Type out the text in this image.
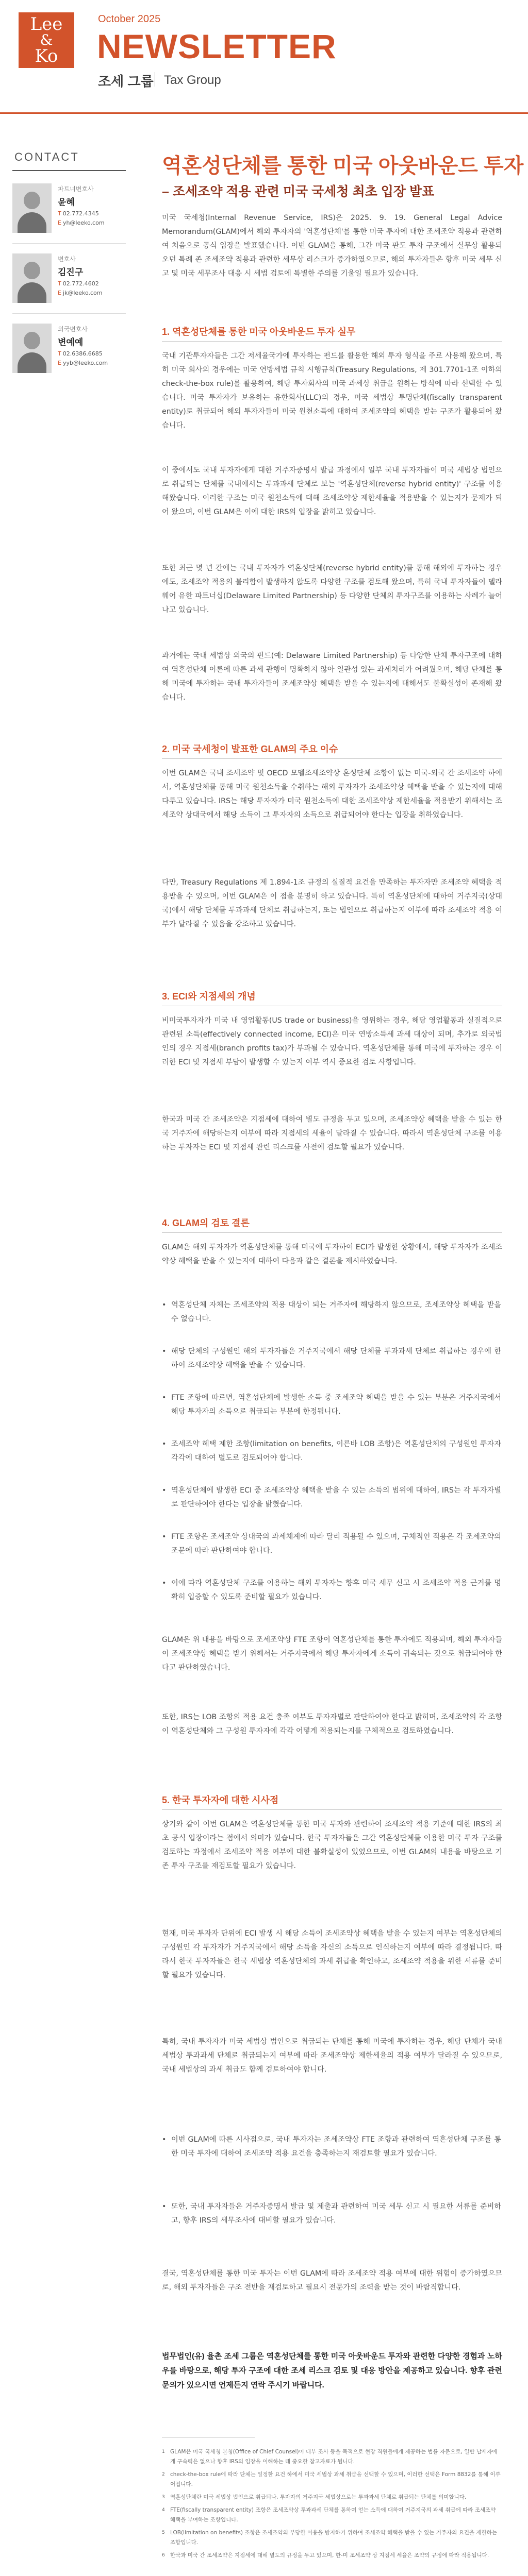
Lee
&
Ko
October 2025
NEWSLETTER
조세 그룹 Tax Group
CONTACT
파트너변호사
윤혜
T 02.772.4345
E yh@leeko.com
변호사
김진구
T 02.772.4602
E jk@leeko.com
외국변호사
변예예
T 02.6386.6685
E yyb@leeko.com
역혼성단체를 통한 미국 아웃바운드 투자
– 조세조약 적용 관련 미국 국세청 최초 입장 발표
미국 국세청(Internal Revenue Service, IRS)은 2025. 9. 19. General Legal Advice Memorandum(GLAM)에서 해외 투자자의 '역혼성단체'를 통한 미국 투자에 대한 조세조약 적용과 관련하여 처음으로 공식 입장을 발표했습니다. 이번 GLAM을 통해, 그간 미국 판도 투자 구조에서 실무상 활용되오던 특례 존 조세조약 적용과 관련한 세무상 리스크가 증가하였으므로, 해외 투자자들은 향후 미국 세무 신고 및 미국 세무조사 대응 시 세법 검토에 특별한 주의를 기울일 필요가 있습니다.
1. 역혼성단체를 통한 미국 아웃바운드 투자 실무
국내 기관투자자들은 그간 저세율국가에 투자하는 펀드를 활용한 해외 투자 형식을 주로 사용해 왔으며, 특히 미국 회사의 경우에는 미국 연방세법 규칙 시행규칙(Treasury Regulations, 제 301.7701-1조 이하의 check-the-box rule)를 활용하여, 해당 투자회사의 미국 과세상 취급을 원하는 방식에 따라 선택할 수 있습니다. 미국 투자자가 보유하는 유한회사(LLC)의 경우, 미국 세법상 투명단체(fiscally transparent entity)로 취급되어 해외 투자자들이 미국 원천소득에 대하여 조세조약의 혜택을 받는 구조가 활용되어 왔습니다.
이 중에서도 국내 투자자에게 대한 거주자증명서 발급 과정에서 일부 국내 투자자들이 미국 세법상 법인으로 취급되는 단체를 국내에서는 투과과세 단체로 보는 '역혼성단체(reverse hybrid entity)' 구조를 이용해왔습니다. 이러한 구조는 미국 원천소득에 대해 조세조약상 제한세율을 적용받을 수 있는지가 문제가 되어 왔으며, 이번 GLAM은 이에 대한 IRS의 입장을 밝히고 있습니다.
또한 최근 몇 년 간에는 국내 투자자가 역혼성단체(reverse hybrid entity)를 통해 해외에 투자하는 경우에도, 조세조약 적용의 불리함이 발생하지 않도록 다양한 구조를 검토해 왔으며, 특히 국내 투자자들이 델라웨어 유한 파트너십(Delaware Limited Partnership) 등 다양한 단체의 투자구조를 이용하는 사례가 늘어나고 있습니다.
과거에는 국내 세법상 외국의 펀드(예: Delaware Limited Partnership) 등 다양한 단체 투자구조에 대하여 역혼성단체 이론에 따른 과세 관행이 명확하지 않아 일관성 있는 과세처리가 어려웠으며, 해당 단체를 통해 미국에 투자하는 국내 투자자들이 조세조약상 혜택을 받을 수 있는지에 대해서도 불확실성이 존재해 왔습니다.
2. 미국 국세청이 발표한 GLAM의 주요 이슈
이번 GLAM은 국내 조세조약 및 OECD 모델조세조약상 혼성단체 조항이 없는 미국-외국 간 조세조약 하에서, 역혼성단체를 통해 미국 원천소득을 수취하는 해외 투자자가 조세조약상 혜택을 받을 수 있는지에 대해 다루고 있습니다. IRS는 해당 투자자가 미국 원천소득에 대한 조세조약상 제한세율을 적용받기 위해서는 조세조약 상대국에서 해당 소득이 그 투자자의 소득으로 취급되어야 한다는 입장을 취하였습니다.
다만, Treasury Regulations 제 1.894-1조 규정의 실질적 요건을 만족하는 투자자만 조세조약 혜택을 적용받을 수 있으며, 이번 GLAM은 이 점을 분명히 하고 있습니다. 특히 역혼성단체에 대하여 거주지국(상대국)에서 해당 단체를 투과과세 단체로 취급하는지, 또는 법인으로 취급하는지 여부에 따라 조세조약 적용 여부가 달라질 수 있음을 강조하고 있습니다.
3. ECI와 지점세의 개념
비미국투자자가 미국 내 영업활동(US trade or business)을 영위하는 경우, 해당 영업활동과 실질적으로 관련된 소득(effectively connected income, ECI)은 미국 연방소득세 과세 대상이 되며, 추가로 외국법인의 경우 지점세(branch profits tax)가 부과될 수 있습니다. 역혼성단체를 통해 미국에 투자하는 경우 이러한 ECI 및 지점세 부담이 발생할 수 있는지 여부 역시 중요한 검토 사항입니다.
한국과 미국 간 조세조약은 지점세에 대하여 별도 규정을 두고 있으며, 조세조약상 혜택을 받을 수 있는 한국 거주자에 해당하는지 여부에 따라 지점세의 세율이 달라질 수 있습니다. 따라서 역혼성단체 구조를 이용하는 투자자는 ECI 및 지점세 관련 리스크를 사전에 검토할 필요가 있습니다.
4. GLAM의 검토 결론
GLAM은 해외 투자자가 역혼성단체를 통해 미국에 투자하여 ECI가 발생한 상황에서, 해당 투자자가 조세조약상 혜택을 받을 수 있는지에 대하여 다음과 같은 결론을 제시하였습니다.
• 역혼성단체 자체는 조세조약의 적용 대상이 되는 거주자에 해당하지 않으므로, 조세조약상 혜택을 받을 수 없습니다.
• 해당 단체의 구성원인 해외 투자자들은 거주지국에서 해당 단체를 투과과세 단체로 취급하는 경우에 한하여 조세조약상 혜택을 받을 수 있습니다.
• FTE 조항에 따르면, 역혼성단체에 발생한 소득 중 조세조약 혜택을 받을 수 있는 부분은 거주지국에서 해당 투자자의 소득으로 취급되는 부분에 한정됩니다.
• 조세조약 혜택 제한 조항(limitation on benefits, 이른바 LOB 조항)은 역혼성단체의 구성원인 투자자 각각에 대하여 별도로 검토되어야 합니다.
• 역혼성단체에 발생한 ECI 중 조세조약상 혜택을 받을 수 있는 소득의 범위에 대하여, IRS는 각 투자자별로 판단하여야 한다는 입장을 밝혔습니다.
• FTE 조항은 조세조약 상대국의 과세체계에 따라 달리 적용될 수 있으며, 구체적인 적용은 각 조세조약의 조문에 따라 판단하여야 합니다.
• 이에 따라 역혼성단체 구조를 이용하는 해외 투자자는 향후 미국 세무 신고 시 조세조약 적용 근거를 명확히 입증할 수 있도록 준비할 필요가 있습니다.
GLAM은 위 내용을 바탕으로 조세조약상 FTE 조항이 역혼성단체를 통한 투자에도 적용되며, 해외 투자자들이 조세조약상 혜택을 받기 위해서는 거주지국에서 해당 투자자에게 소득이 귀속되는 것으로 취급되어야 한다고 판단하였습니다.
또한, IRS는 LOB 조항의 적용 요건 충족 여부도 투자자별로 판단하여야 한다고 밝히며, 조세조약의 각 조항이 역혼성단체와 그 구성원 투자자에 각각 어떻게 적용되는지를 구체적으로 검토하였습니다.
5. 한국 투자자에 대한 시사점
상기와 같이 이번 GLAM은 역혼성단체를 통한 미국 투자와 관련하여 조세조약 적용 기준에 대한 IRS의 최초 공식 입장이라는 점에서 의미가 있습니다. 한국 투자자들은 그간 역혼성단체를 이용한 미국 투자 구조를 검토하는 과정에서 조세조약 적용 여부에 대한 불확실성이 있었으므로, 이번 GLAM의 내용을 바탕으로 기존 투자 구조를 재검토할 필요가 있습니다.
현재, 미국 투자자 단위에 ECI 발생 시 해당 소득이 조세조약상 혜택을 받을 수 있는지 여부는 역혼성단체의 구성원인 각 투자자가 거주지국에서 해당 소득을 자신의 소득으로 인식하는지 여부에 따라 결정됩니다. 따라서 한국 투자자들은 한국 세법상 역혼성단체의 과세 취급을 확인하고, 조세조약 적용을 위한 서류를 준비할 필요가 있습니다.
특히, 국내 투자자가 미국 세법상 법인으로 취급되는 단체를 통해 미국에 투자하는 경우, 해당 단체가 국내 세법상 투과과세 단체로 취급되는지 여부에 따라 조세조약상 제한세율의 적용 여부가 달라질 수 있으므로, 국내 세법상의 과세 취급도 함께 검토하여야 합니다.
• 이번 GLAM에 따른 시사점으로, 국내 투자자는 조세조약상 FTE 조항과 관련하여 역혼성단체 구조를 통한 미국 투자에 대하여 조세조약 적용 요건을 충족하는지 재검토할 필요가 있습니다.
• 또한, 국내 투자자들은 거주자증명서 발급 및 제출과 관련하여 미국 세무 신고 시 필요한 서류를 준비하고, 향후 IRS의 세무조사에 대비할 필요가 있습니다.
결국, 역혼성단체를 통한 미국 투자는 이번 GLAM에 따라 조세조약 적용 여부에 대한 위험이 증가하였으므로, 해외 투자자들은 구조 전반을 재검토하고 필요시 전문가의 조력을 받는 것이 바람직합니다.
법무법인(유) 율촌 조세 그룹은 역혼성단체를 통한 미국 아웃바운드 투자와 관련한 다양한 경험과 노하우를 바탕으로, 해당 투자 구조에 대한 조세 리스크 검토 및 대응 방안을 제공하고 있습니다. 향후 관련 문의가 있으시면 언제든지 연락 주시기 바랍니다.
1 GLAM은 미국 국세청 본청(Office of Chief Counsel)이 내부 조사 등을 목적으로 현장 직원들에게 제공하는 법률 자문으로, 일반 납세자에게 구속력은 없으나 향후 IRS의 입장을 이해하는 데 중요한 참고자료가 됩니다.
2 check-the-box rule에 따라 단체는 일정한 요건 하에서 미국 세법상 과세 취급을 선택할 수 있으며, 이러한 선택은 Form 8832를 통해 이루어집니다.
3 역혼성단체란 미국 세법상 법인으로 취급되나, 투자자의 거주지국 세법상으로는 투과과세 단체로 취급되는 단체를 의미합니다.
4 FTE(fiscally transparent entity) 조항은 조세조약상 투과과세 단체를 통하여 얻는 소득에 대하여 거주지국의 과세 취급에 따라 조세조약 혜택을 부여하는 조항입니다.
5 LOB(limitation on benefits) 조항은 조세조약의 부당한 이용을 방지하기 위하여 조세조약 혜택을 받을 수 있는 거주자의 요건을 제한하는 조항입니다.
6 한국과 미국 간 조세조약은 지점세에 대해 별도의 규정을 두고 있으며, 한-미 조세조약 상 지점세 세율은 조약의 규정에 따라 적용됩니다.
